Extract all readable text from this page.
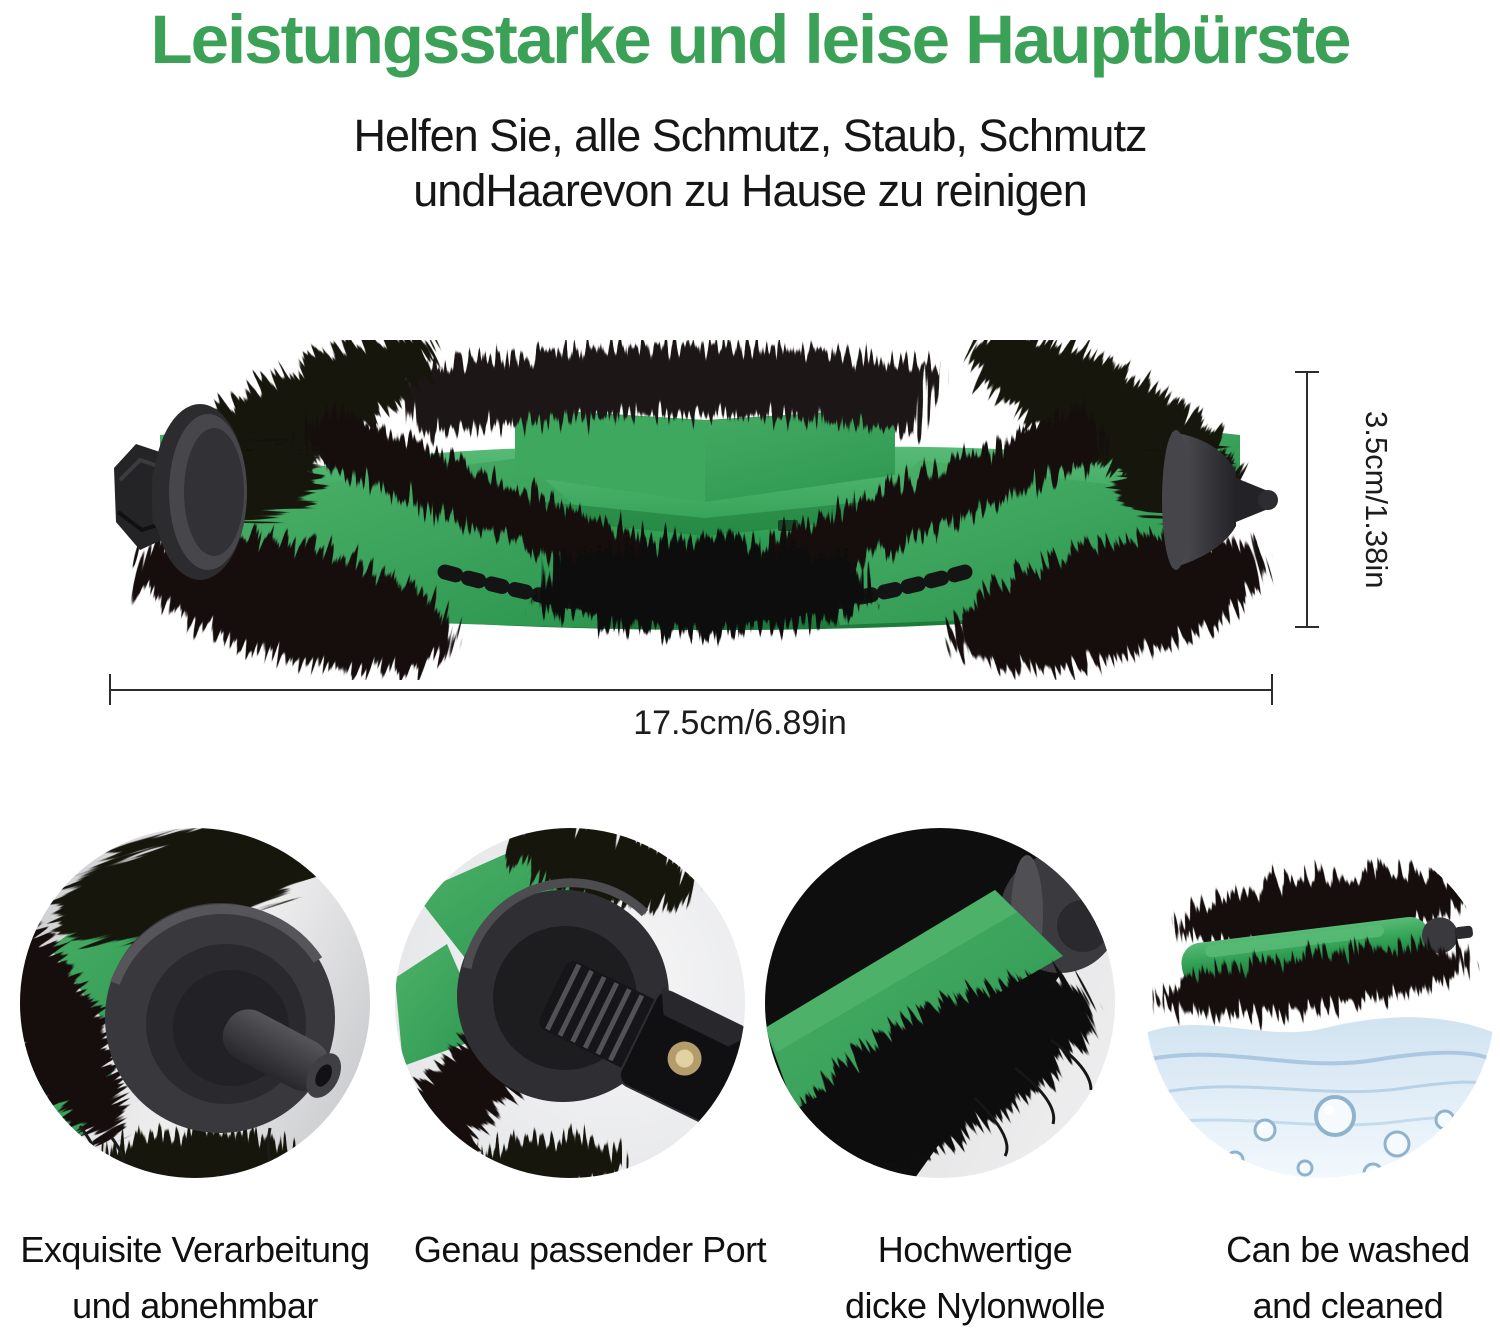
Leistungsstarke und leise Hauptbürste
Helfen Sie, alle Schmutz, Staub, Schmutz
undHaarevon zu Hause zu reinigen
3.5cm/1.38in
17.5cm/6.89in
Exquisite Verarbeitung
und abnehmbar
Genau passender Port	Hochwertige
dicke Nylonwolle
Can be washed
and cleaned
